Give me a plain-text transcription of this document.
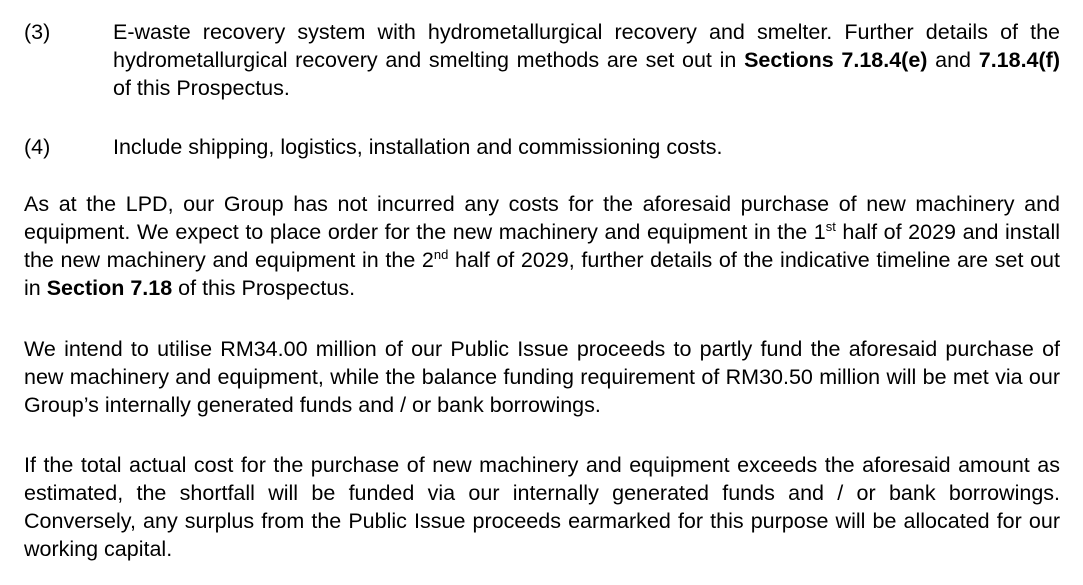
(3)	E-waste recovery system with hydrometallurgical recovery and smelter. Further details of the hydrometallurgical recovery and smelting methods are set out in Sections 7.18.4(e) and 7.18.4(f) of this Prospectus.
(4)	Include shipping, logistics, installation and commissioning costs.
As at the LPD, our Group has not incurred any costs for the aforesaid purchase of new machinery and equipment. We expect to place order for the new machinery and equipment in the 1st half of 2029 and install the new machinery and equipment in the 2nd half of 2029, further details of the indicative timeline are set out in Section 7.18 of this Prospectus.
We intend to utilise RM34.00 million of our Public Issue proceeds to partly fund the aforesaid purchase of new machinery and equipment, while the balance funding requirement of RM30.50 million will be met via our Group’s internally generated funds and / or bank borrowings.
If the total actual cost for the purchase of new machinery and equipment exceeds the aforesaid amount as estimated, the shortfall will be funded via our internally generated funds and / or bank borrowings. Conversely, any surplus from the Public Issue proceeds earmarked for this purpose will be allocated for our working capital.
